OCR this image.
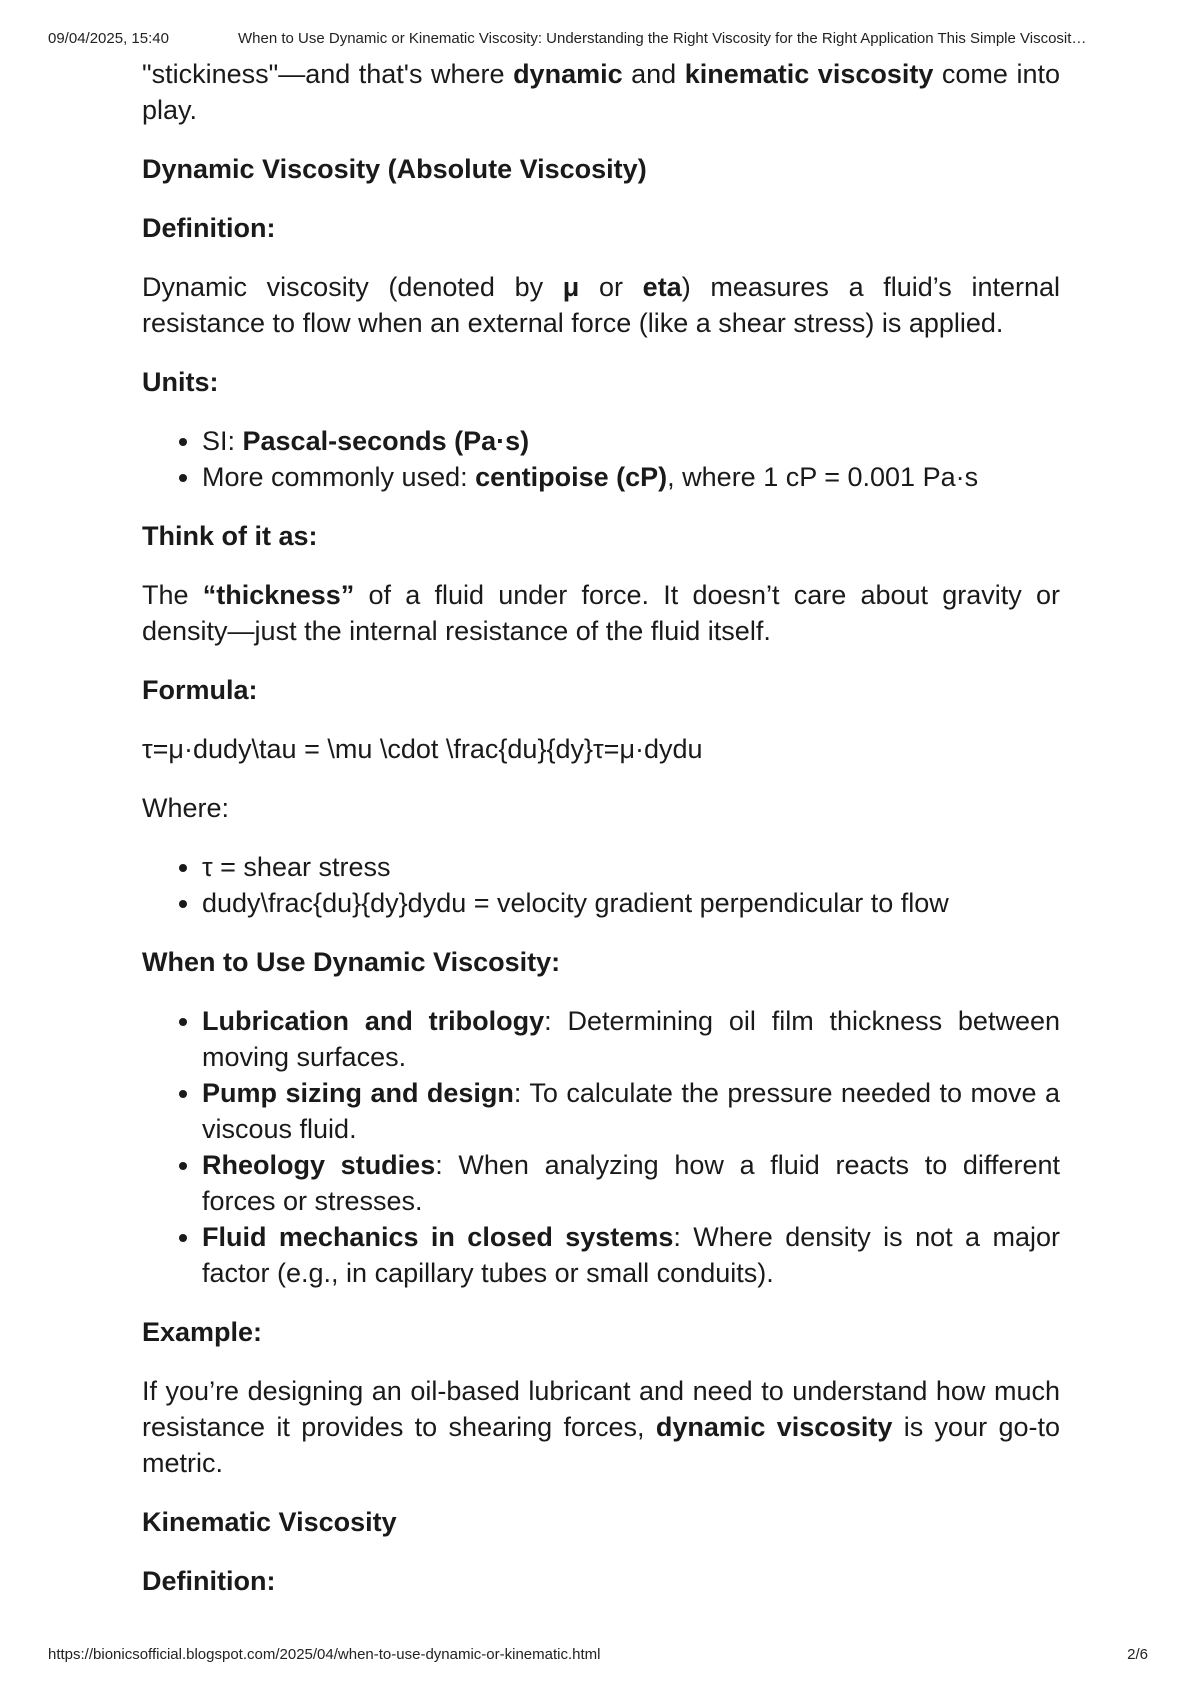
09/04/2025, 15:40	When to Use Dynamic or Kinematic Viscosity: Understanding the Right Viscosity for the Right Application This Simple Viscosit…

"stickiness"—and that's where dynamic and kinematic viscosity come into play.

Dynamic Viscosity (Absolute Viscosity)
Definition:

Dynamic viscosity (denoted by μ or eta) measures a fluid’s internal resistance to flow when an external force (like a shear stress) is applied.

Units:
• SI: Pascal-seconds (Pa·s)
• More commonly used: centipoise (cP), where 1 cP = 0.001 Pa·s
Think of it as:

The “thickness” of a fluid under force. It doesn’t care about gravity or density—just the internal resistance of the fluid itself.

Formula:

τ=μ·dudy\tau = \mu \cdot \frac{du}{dy}τ=μ·dydu

Where:

• τ = shear stress
• dudy\frac{du}{dy}dydu = velocity gradient perpendicular to flow
When to Use Dynamic Viscosity:
• Lubrication and tribology: Determining oil film thickness between moving surfaces.
• Pump sizing and design: To calculate the pressure needed to move a viscous fluid.
• Rheology studies: When analyzing how a fluid reacts to different forces or stresses.
• Fluid mechanics in closed systems: Where density is not a major factor (e.g., in capillary tubes or small conduits).
Example:

If you’re designing an oil-based lubricant and need to understand how much resistance it provides to shearing forces, dynamic viscosity is your go-to metric.

Kinematic Viscosity
Definition:
https://bionicsofficial.blogspot.com/2025/04/when-to-use-dynamic-or-kinematic.html	2/6
